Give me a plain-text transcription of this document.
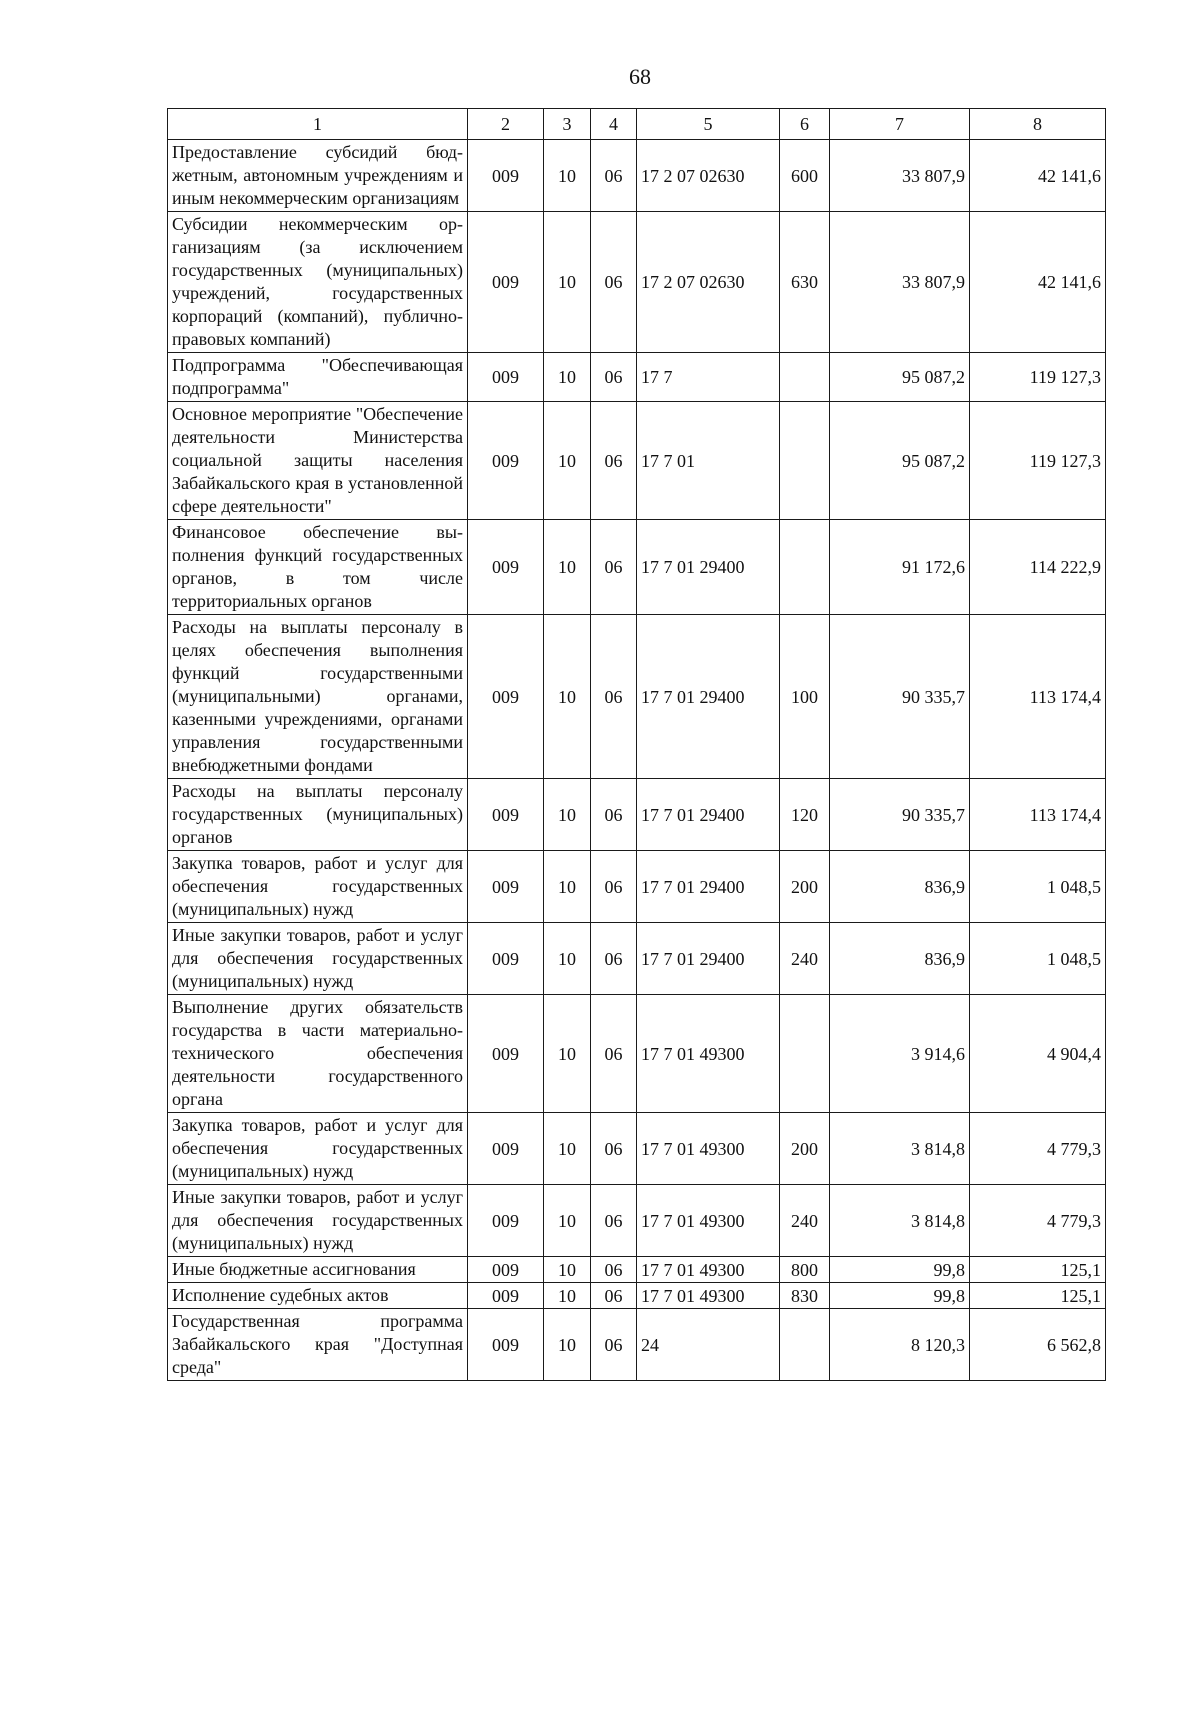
68
1	2	3	4	5	6	7	8
Предоставление субсидий бюджетным, автономным учреждениям и иным некоммерческим организациям	009	10	06	17 2 07 02630	600	33 807,9	42 141,6
Субсидии некоммерческим организациям (за исключением государственных (муниципальных) учреждений, государственных корпораций (компаний), публично-правовых компаний)	009	10	06	17 2 07 02630	630	33 807,9	42 141,6
Подпрограмма "Обеспечивающая подпрограмма"	009	10	06	17 7		95 087,2	119 127,3
Основное мероприятие "Обеспечение деятельности Министерства социальной защиты населения Забайкальского края в установленной сфере деятельности"	009	10	06	17 7 01		95 087,2	119 127,3
Финансовое обеспечение выполнения функций государственных органов, в том числе территориальных органов	009	10	06	17 7 01 29400		91 172,6	114 222,9
Расходы на выплаты персоналу в целях обеспечения выполнения функций государственными (муниципальными) органами, казенными учреждениями, органами управления государственными внебюджетными фондами	009	10	06	17 7 01 29400	100	90 335,7	113 174,4
Расходы на выплаты персоналу государственных (муниципальных) органов	009	10	06	17 7 01 29400	120	90 335,7	113 174,4
Закупка товаров, работ и услуг для обеспечения государственных (муниципальных) нужд	009	10	06	17 7 01 29400	200	836,9	1 048,5
Иные закупки товаров, работ и услуг для обеспечения государственных (муниципальных) нужд	009	10	06	17 7 01 29400	240	836,9	1 048,5
Выполнение других обязательств государства в части материально-технического обеспечения деятельности государственного органа	009	10	06	17 7 01 49300		3 914,6	4 904,4
Закупка товаров, работ и услуг для обеспечения государственных (муниципальных) нужд	009	10	06	17 7 01 49300	200	3 814,8	4 779,3
Иные закупки товаров, работ и услуг для обеспечения государственных (муниципальных) нужд	009	10	06	17 7 01 49300	240	3 814,8	4 779,3
Иные бюджетные ассигнования	009	10	06	17 7 01 49300	800	99,8	125,1
Исполнение судебных актов	009	10	06	17 7 01 49300	830	99,8	125,1
Государственная программа Забайкальского края "Доступная среда"	009	10	06	24		8 120,3	6 562,8
